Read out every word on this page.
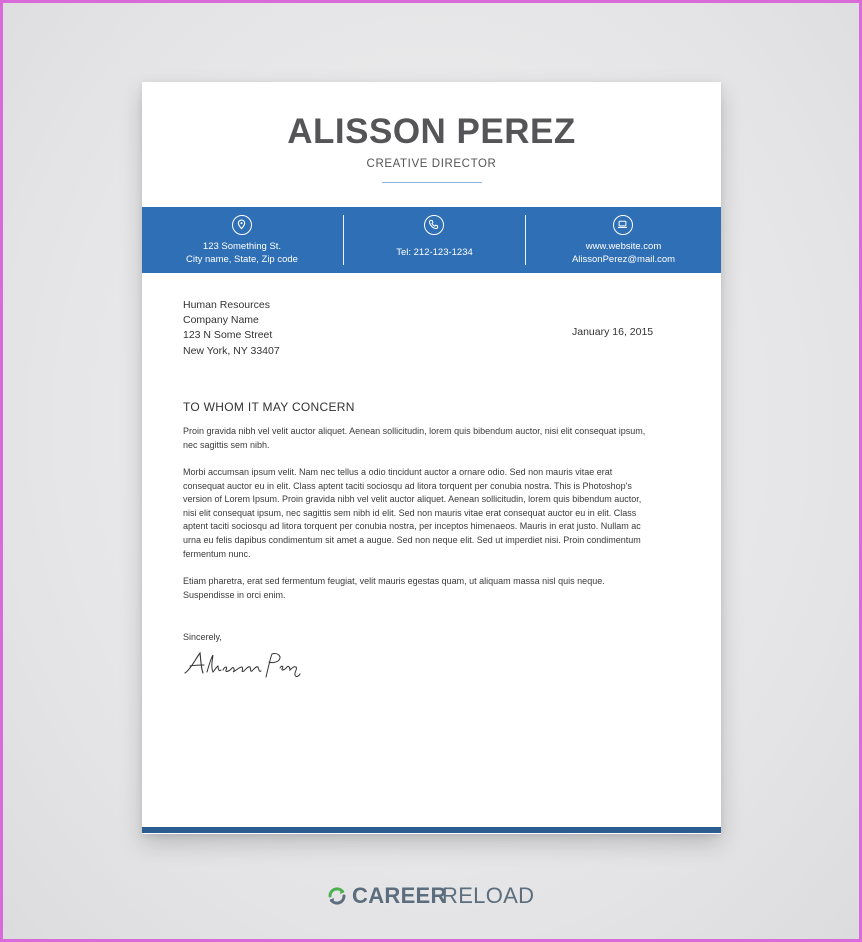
ALISSON PEREZ
CREATIVE DIRECTOR
123 Something St.
City name, State, Zip code
Tel: 212-123-1234
www.website.com
AlissonPerez@mail.com
Human Resources
Company Name
123 N Some Street
New York, NY 33407
January 16, 2015
TO WHOM IT MAY CONCERN
Proin gravida nibh vel velit auctor aliquet. Aenean sollicitudin, lorem quis bibendum auctor, nisi elit consequat ipsum, nec sagittis sem nibh.
Morbi accumsan ipsum velit. Nam nec tellus a odio tincidunt auctor a ornare odio. Sed non mauris vitae erat consequat auctor eu in elit. Class aptent taciti sociosqu ad litora torquent per conubia nostra. This is Photoshop's version of Lorem Ipsum. Proin gravida nibh vel velit auctor aliquet. Aenean sollicitudin, lorem quis bibendum auctor, nisi elit consequat ipsum, nec sagittis sem nibh id elit. Sed non mauris vitae erat consequat auctor eu in elit. Class aptent taciti sociosqu ad litora torquent per conubia nostra, per inceptos himenaeos. Mauris in erat justo. Nullam ac urna eu felis dapibus condimentum sit amet a augue. Sed non neque elit. Sed ut imperdiet nisi. Proin condimentum fermentum nunc.
Etiam pharetra, erat sed fermentum feugiat, velit mauris egestas quam, ut aliquam massa nisl quis neque. Suspendisse in orci enim.
Sincerely,
CAREER
RELOAD
